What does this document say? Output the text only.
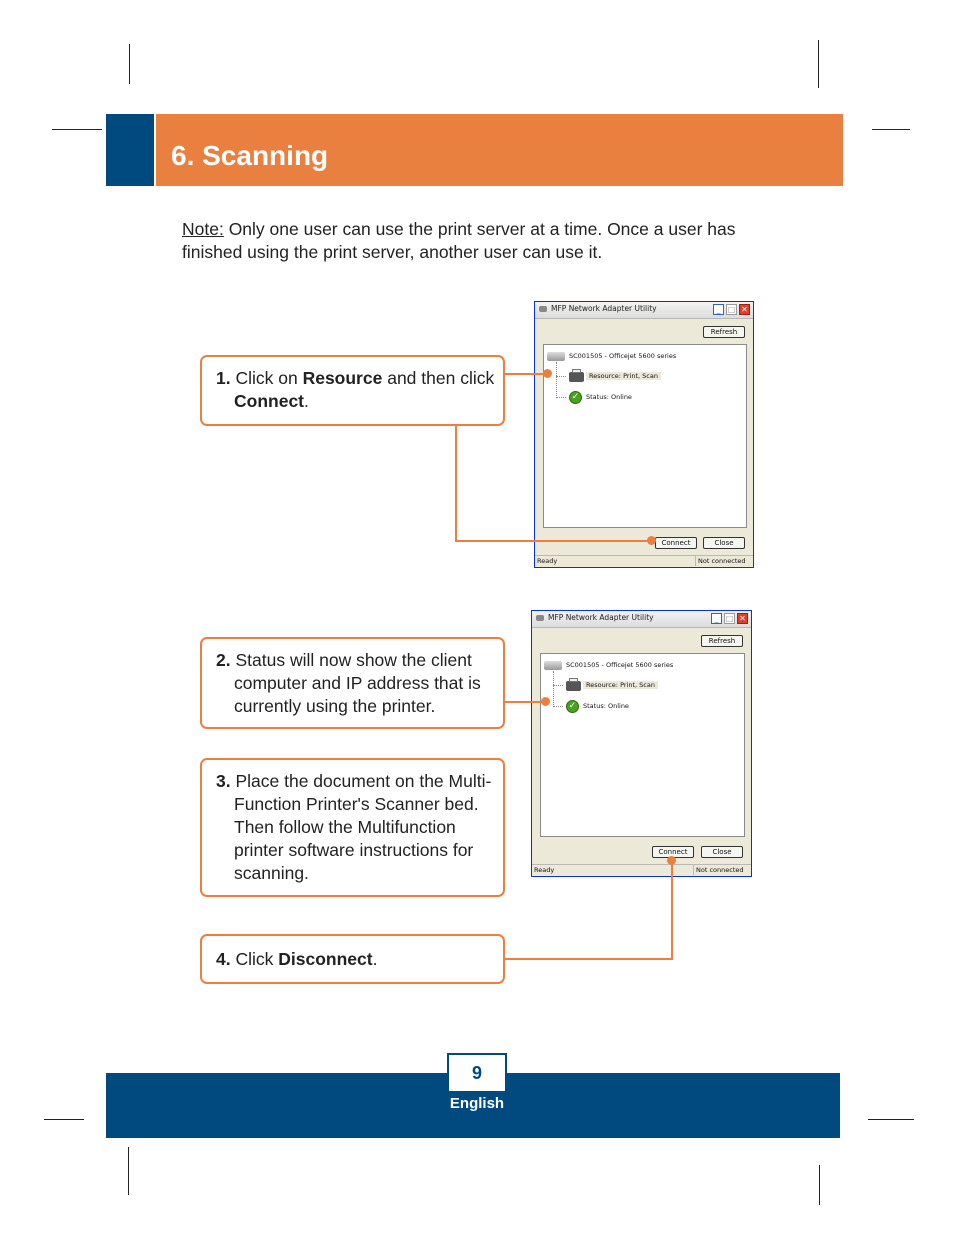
6. Scanning
Note: Only one user can use the print server at a time. Once a user has finished using the print server, another user can use it.
MFP Network Adapter Utility	_ □ ✕
Refresh
SC001505 - Officejet 5600 series
Resource: Print, Scan
✓	Status: Online
Connect	Close
Ready	Not connected
MFP Network Adapter Utility	_ □ ✕
Refresh
SC001505 - Officejet 5600 series
Resource: Print, Scan
✓	Status: Online
Connect	Close
Ready	Not connected
1. Click on Resource and then click
Connect.
2. Status will now show the client
computer and IP address that is
currently using the printer.
3. Place the document on the Multi-
Function Printer's Scanner bed.
Then follow the Multifunction
printer software instructions for
scanning.
4. Click Disconnect.
9
English
